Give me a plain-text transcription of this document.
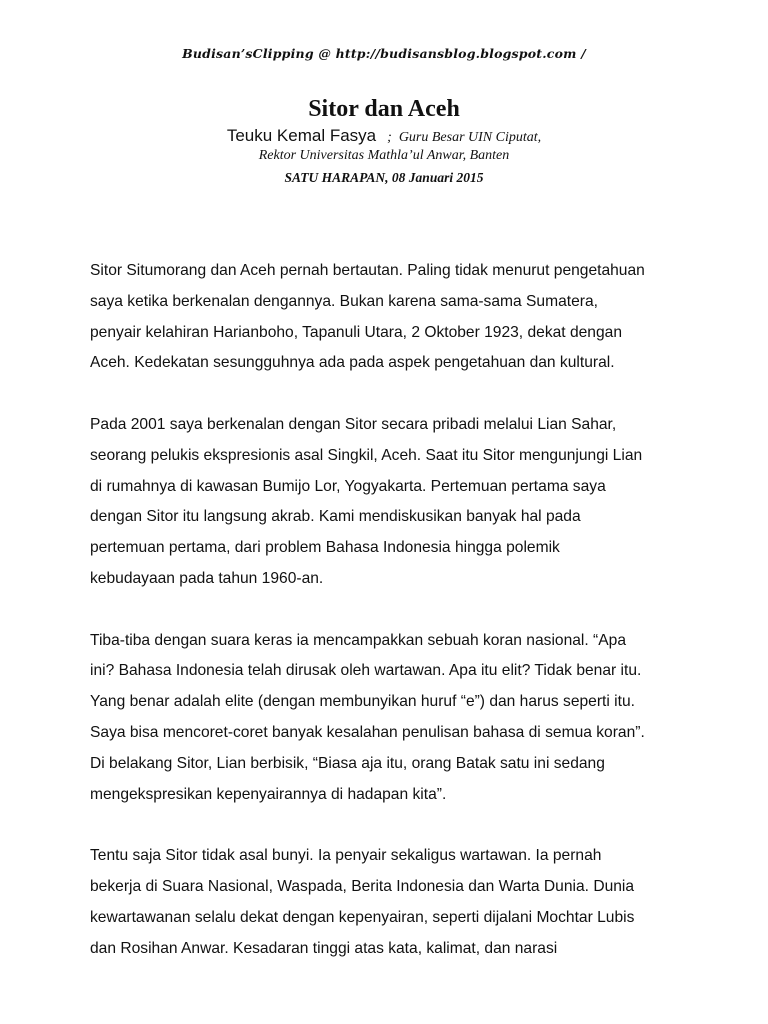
Budisan’sClipping @ http://budisansblog.blogspot.com /
Sitor dan Aceh
Teuku Kemal Fasya ; Guru Besar UIN Ciputat,
Rektor Universitas Mathla’ul Anwar, Banten
SATU HARAPAN, 08 Januari 2015
Sitor Situmorang dan Aceh pernah bertautan. Paling tidak menurut pengetahuan
saya ketika berkenalan dengannya. Bukan karena sama-sama Sumatera,
penyair kelahiran Harianboho, Tapanuli Utara, 2 Oktober 1923, dekat dengan
Aceh. Kedekatan sesungguhnya ada pada aspek pengetahuan dan kultural.
Pada 2001 saya berkenalan dengan Sitor secara pribadi melalui Lian Sahar,
seorang pelukis ekspresionis asal Singkil, Aceh. Saat itu Sitor mengunjungi Lian
di rumahnya di kawasan Bumijo Lor, Yogyakarta. Pertemuan pertama saya
dengan Sitor itu langsung akrab. Kami mendiskusikan banyak hal pada
pertemuan pertama, dari problem Bahasa Indonesia hingga polemik
kebudayaan pada tahun 1960-an.
Tiba-tiba dengan suara keras ia mencampakkan sebuah koran nasional. “Apa
ini? Bahasa Indonesia telah dirusak oleh wartawan. Apa itu elit? Tidak benar itu.
Yang benar adalah elite (dengan membunyikan huruf “e”) dan harus seperti itu.
Saya bisa mencoret-coret banyak kesalahan penulisan bahasa di semua koran”.
Di belakang Sitor, Lian berbisik, “Biasa aja itu, orang Batak satu ini sedang
mengekspresikan kepenyairannya di hadapan kita”.
Tentu saja Sitor tidak asal bunyi. Ia penyair sekaligus wartawan. Ia pernah
bekerja di Suara Nasional, Waspada, Berita Indonesia dan Warta Dunia. Dunia
kewartawanan selalu dekat dengan kepenyairan, seperti dijalani Mochtar Lubis
dan Rosihan Anwar. Kesadaran tinggi atas kata, kalimat, dan narasi
